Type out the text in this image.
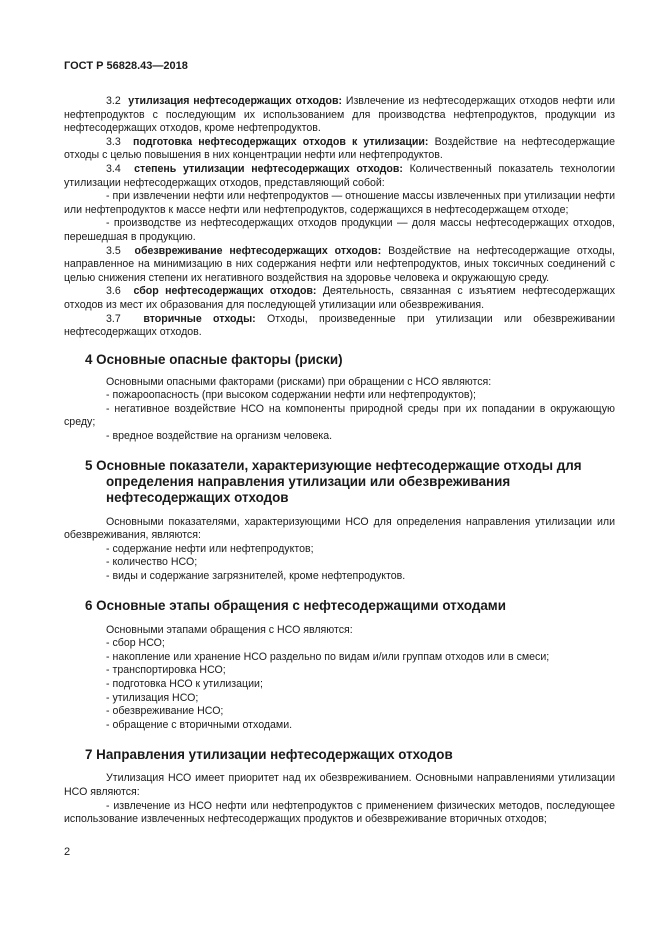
ГОСТ Р 56828.43—2018

3.2 утилизация нефтесодержащих отходов: Извлечение из нефтесодержащих отходов нефти или нефтепродуктов с последующим их использованием для производства нефтепродуктов, продукции из нефтесодержащих отходов, кроме нефтепродуктов.

3.3 подготовка нефтесодержащих отходов к утилизации: Воздействие на нефтесодержащие отходы с целью повышения в них концентрации нефти или нефтепродуктов.

3.4 степень утилизации нефтесодержащих отходов: Количественный показатель технологии утилизации нефтесодержащих отходов, представляющий собой:

- при извлечении нефти или нефтепродуктов — отношение массы извлеченных при утилизации нефти или нефтепродуктов к массе нефти или нефтепродуктов, содержащихся в нефтесодержащем отходе;

- производстве из нефтесодержащих отходов продукции — доля массы нефтесодержащих отходов, перешедшая в продукцию.

3.5 обезвреживание нефтесодержащих отходов: Воздействие на нефтесодержащие отходы, направленное на минимизацию в них содержания нефти или нефтепродуктов, иных токсичных соединений с целью снижения степени их негативного воздействия на здоровье человека и окружающую среду.

3.6 сбор нефтесодержащих отходов: Деятельность, связанная с изъятием нефтесодержащих отходов из мест их образования для последующей утилизации или обезвреживания.

3.7 вторичные отходы: Отходы, произведенные при утилизации или обезвреживании нефтесодержащих отходов.

4 Основные опасные факторы (риски)

Основными опасными факторами (рисками) при обращении с НСО являются:

- пожароопасность (при высоком содержании нефти или нефтепродуктов);

- негативное воздействие НСО на компоненты природной среды при их попадании в окружающую среду;

- вредное воздействие на организм человека.

5 Основные показатели, характеризующие нефтесодержащие отходы для определения направления утилизации или обезвреживания нефтесодержащих отходов

Основными показателями, характеризующими НСО для определения направления утилизации или обезвреживания, являются:

- содержание нефти или нефтепродуктов;

- количество НСО;

- виды и содержание загрязнителей, кроме нефтепродуктов.

6 Основные этапы обращения с нефтесодержащими отходами

Основными этапами обращения с НСО являются:

- сбор НСО;

- накопление или хранение НСО раздельно по видам и/или группам отходов или в смеси;

- транспортировка НСО;

- подготовка НСО к утилизации;

- утилизация НСО;

- обезвреживание НСО;

- обращение с вторичными отходами.

7 Направления утилизации нефтесодержащих отходов

Утилизация НСО имеет приоритет над их обезвреживанием. Основными направлениями утилизации НСО являются:

- извлечение из НСО нефти или нефтепродуктов с применением физических методов, последующее использование извлеченных нефтесодержащих продуктов и обезвреживание вторичных отходов;

2
